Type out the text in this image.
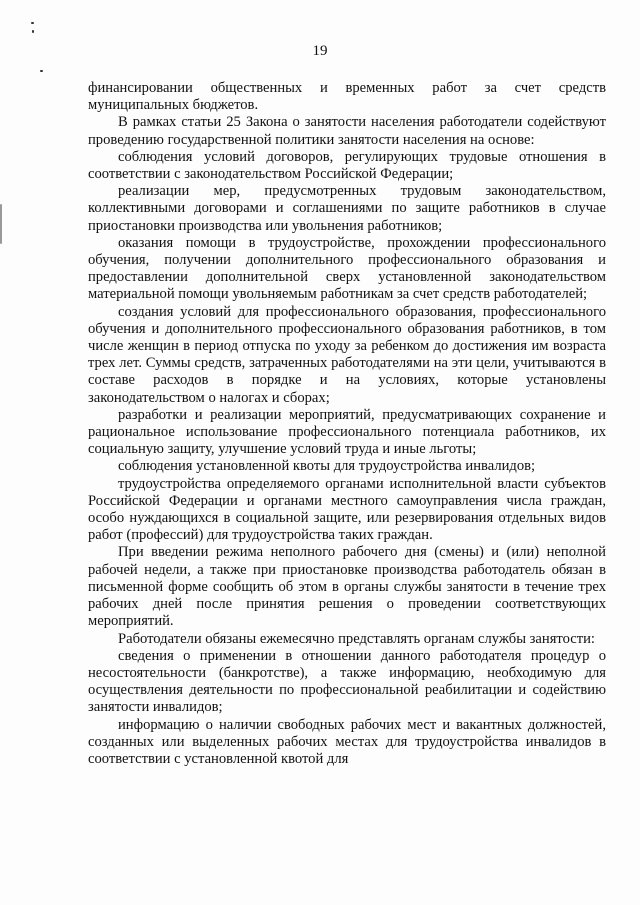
19

финансировании общественных и временных работ за счет средств муниципальных бюджетов.

В рамках статьи 25 Закона о занятости населения работодатели содействуют проведению государственной политики занятости населения на основе:

соблюдения условий договоров, регулирующих трудовые отношения в соответствии с законодательством Российской Федерации;

реализации мер, предусмотренных трудовым законодательством, коллективными договорами и соглашениями по защите работников в случае приостановки производства или увольнения работников;

оказания помощи в трудоустройстве, прохождении профессионального обучения, получении дополнительного профессионального образования и предоставлении дополнительной сверх установленной законодательством материальной помощи увольняемым работникам за счет средств работодателей;

создания условий для профессионального образования, профессионального обучения и дополнительного профессионального образования работников, в том числе женщин в период отпуска по уходу за ребенком до достижения им возраста трех лет. Суммы средств, затраченных работодателями на эти цели, учитываются в составе расходов в порядке и на условиях, которые установлены законодательством о налогах и сборах;

разработки и реализации мероприятий, предусматривающих сохранение и рациональное использование профессионального потенциала работников, их социальную защиту, улучшение условий труда и иные льготы;

соблюдения установленной квоты для трудоустройства инвалидов;

трудоустройства определяемого органами исполнительной власти субъектов Российской Федерации и органами местного самоуправления числа граждан, особо нуждающихся в социальной защите, или резервирования отдельных видов работ (профессий) для трудоустройства таких граждан.

При введении режима неполного рабочего дня (смены) и (или) неполной рабочей недели, а также при приостановке производства работодатель обязан в письменной форме сообщить об этом в органы службы занятости в течение трех рабочих дней после принятия решения о проведении соответствующих мероприятий.

Работодатели обязаны ежемесячно представлять органам службы занятости:

сведения о применении в отношении данного работодателя процедур о несостоятельности (банкротстве), а также информацию, необходимую для осуществления деятельности по профессиональной реабилитации и содействию занятости инвалидов;

информацию о наличии свободных рабочих мест и вакантных должностей, созданных или выделенных рабочих местах для трудоустройства инвалидов в соответствии с установленной квотой для
